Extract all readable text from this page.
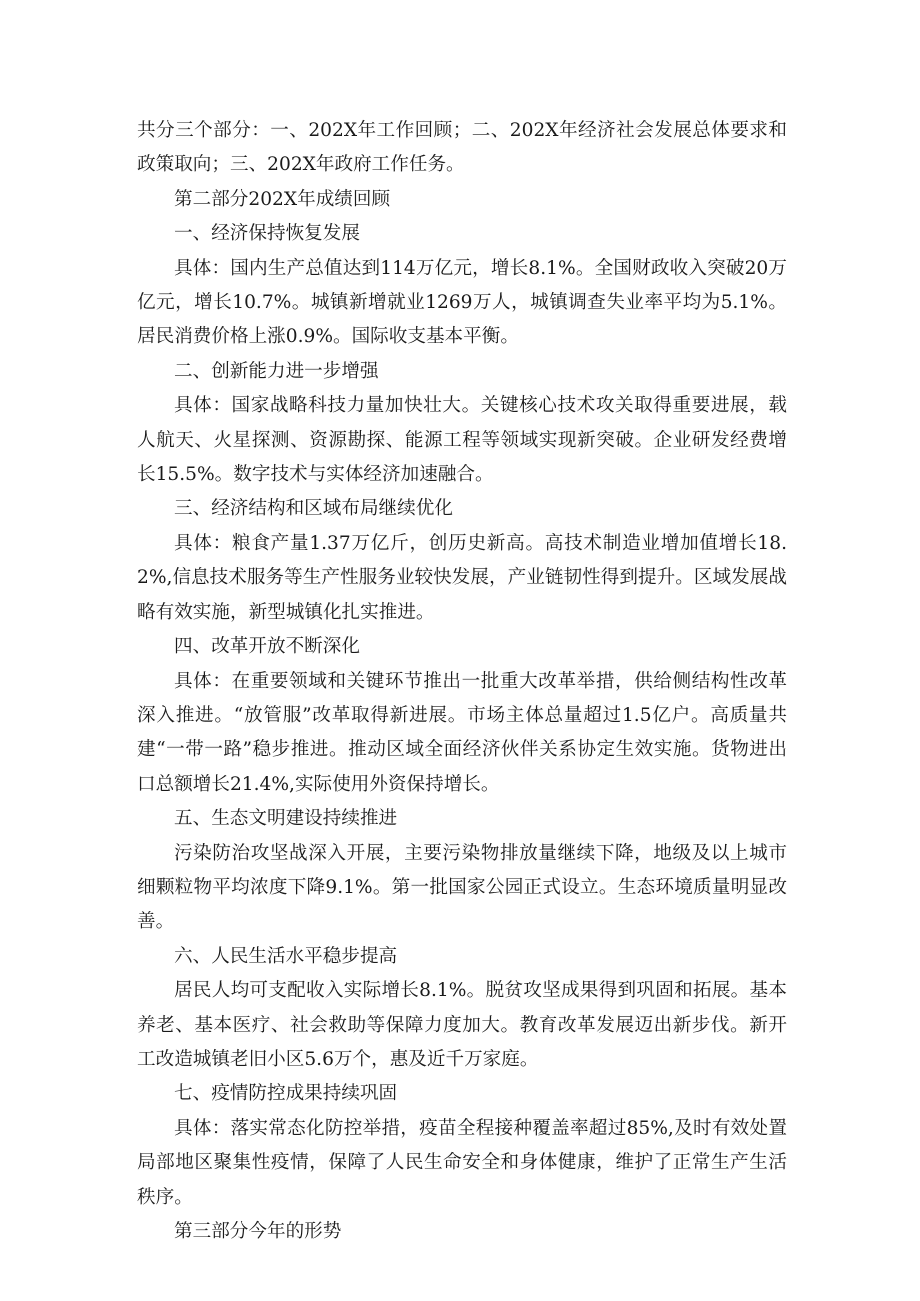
共分三个部分：一、202X年工作回顾；二、202X年经济社会发展总体要求和政策取向；三、202X年政府工作任务。

第二部分202X年成绩回顾

一、经济保持恢复发展

具体：国内生产总值达到114万亿元，增长8.1%。全国财政收入突破20万亿元，增长10.7%。城镇新增就业1269万人，城镇调查失业率平均为5.1%。居民消费价格上涨0.9%。国际收支基本平衡。

二、创新能力进一步增强

具体：国家战略科技力量加快壮大。关键核心技术攻关取得重要进展，载人航天、火星探测、资源勘探、能源工程等领域实现新突破。企业研发经费增长15.5%。数字技术与实体经济加速融合。

三、经济结构和区域布局继续优化

具体：粮食产量1.37万亿斤，创历史新高。高技术制造业增加值增长18.2%,信息技术服务等生产性服务业较快发展，产业链韧性得到提升。区域发展战略有效实施，新型城镇化扎实推进。

四、改革开放不断深化

具体：在重要领域和关键环节推出一批重大改革举措，供给侧结构性改革深入推进。“放管服”改革取得新进展。市场主体总量超过1.5亿户。高质量共建“一带一路”稳步推进。推动区域全面经济伙伴关系协定生效实施。货物进出口总额增长21.4%,实际使用外资保持增长。

五、生态文明建设持续推进

污染防治攻坚战深入开展，主要污染物排放量继续下降，地级及以上城市细颗粒物平均浓度下降9.1%。第一批国家公园正式设立。生态环境质量明显改善。

六、人民生活水平稳步提高

居民人均可支配收入实际增长8.1%。脱贫攻坚成果得到巩固和拓展。基本养老、基本医疗、社会救助等保障力度加大。教育改革发展迈出新步伐。新开工改造城镇老旧小区5.6万个，惠及近千万家庭。

七、疫情防控成果持续巩固

具体：落实常态化防控举措，疫苗全程接种覆盖率超过85%,及时有效处置局部地区聚集性疫情，保障了人民生命安全和身体健康，维护了正常生产生活秩序。

第三部分今年的形势
